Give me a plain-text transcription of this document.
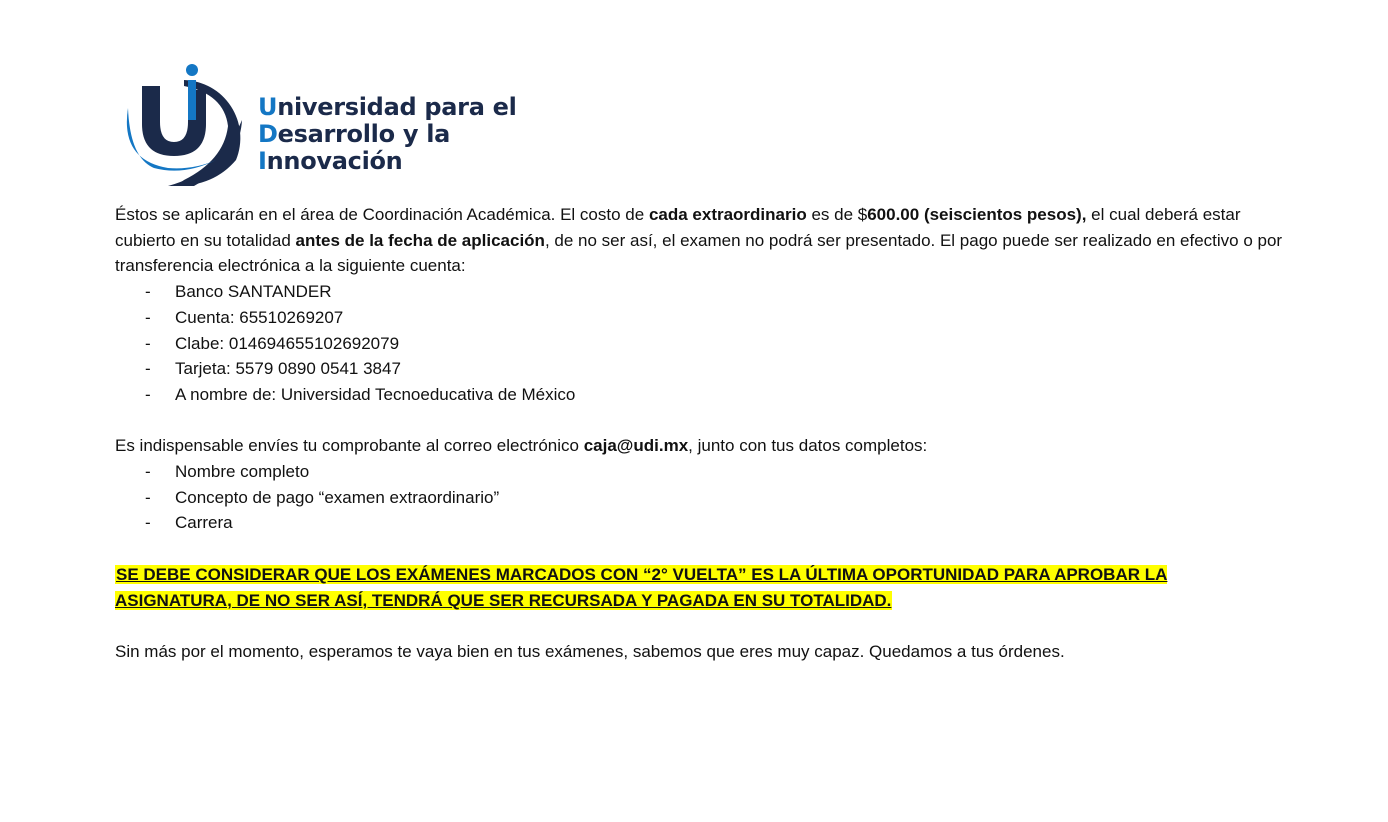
Universidad para el
Desarrollo y la
Innovación

Éstos se aplicarán en el área de Coordinación Académica. El costo de cada extraordinario es de $600.00 (seiscientos pesos), el cual deberá estar cubierto en su totalidad antes de la fecha de aplicación, de no ser así, el examen no podrá ser presentado. El pago puede ser realizado en efectivo o por transferencia electrónica a la siguiente cuenta:

- Banco SANTANDER
- Cuenta: 65510269207
- Clabe: 014694655102692079
- Tarjeta: 5579 0890 0541 3847
- A nombre de: Universidad Tecnoeducativa de México

Es indispensable envíes tu comprobante al correo electrónico caja@udi.mx, junto con tus datos completos:

- Nombre completo
- Concepto de pago “examen extraordinario”
- Carrera

SE DEBE CONSIDERAR QUE LOS EXÁMENES MARCADOS CON “2° VUELTA” ES LA ÚLTIMA OPORTUNIDAD PARA APROBAR LA ASIGNATURA, DE NO SER ASÍ, TENDRÁ QUE SER RECURSADA Y PAGADA EN SU TOTALIDAD.

Sin más por el momento, esperamos te vaya bien en tus exámenes, sabemos que eres muy capaz. Quedamos a tus órdenes.
